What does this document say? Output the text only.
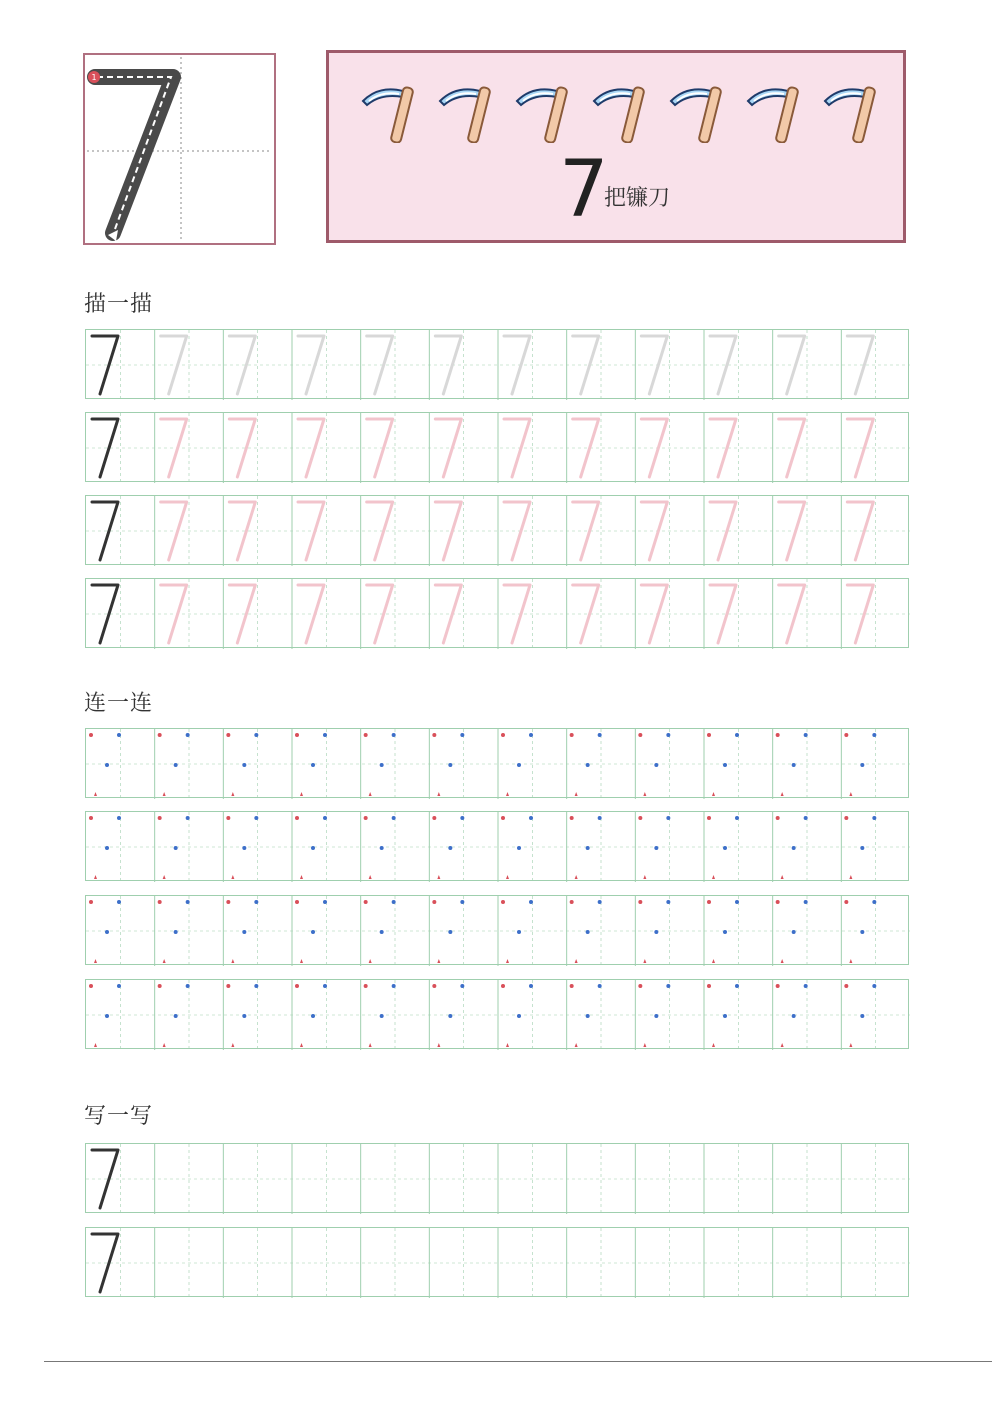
1
7
把镰刀
描一描
连一连
写一写
